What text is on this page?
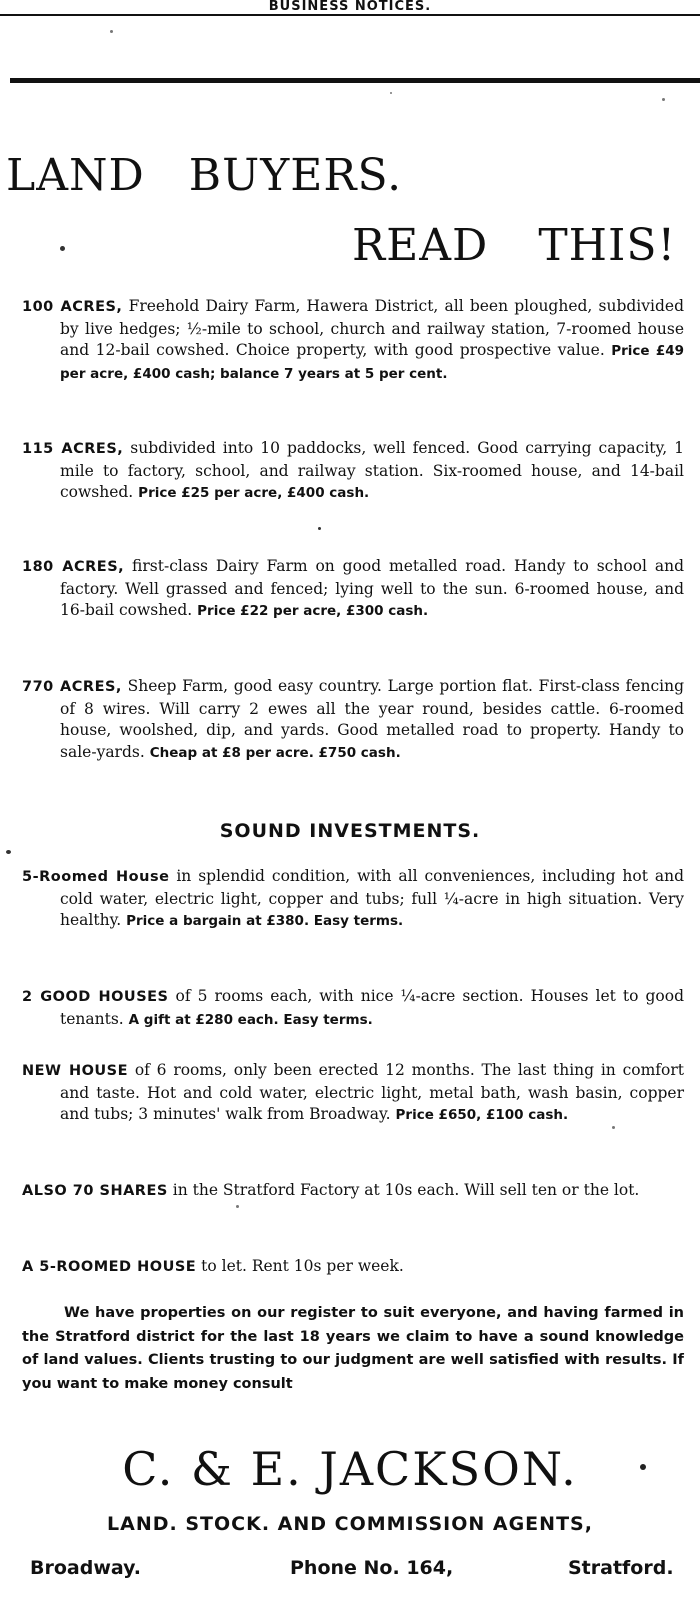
BUSINESS NOTICES.
LAND BUYERS.
READ THIS!
100 ACRES, Freehold Dairy Farm, Hawera District, all been ploughed, subdivided by live hedges; ½-mile to school, church and railway station, 7-roomed house and 12-bail cowshed. Choice property, with good prospective value. Price £49 per acre, £400 cash; balance 7 years at 5 per cent.
115 ACRES, subdivided into 10 paddocks, well fenced. Good carrying capacity, 1 mile to factory, school, and railway station. Six-roomed house, and 14-bail cowshed. Price £25 per acre, £400 cash.
180 ACRES, first-class Dairy Farm on good metalled road. Handy to school and factory. Well grassed and fenced; lying well to the sun. 6-roomed house, and 16-bail cowshed. Price £22 per acre, £300 cash.
770 ACRES, Sheep Farm, good easy country. Large portion flat. First-class fencing of 8 wires. Will carry 2 ewes all the year round, besides cattle. 6-roomed house, woolshed, dip, and yards. Good metalled road to property. Handy to sale-yards. Cheap at £8 per acre. £750 cash.
SOUND INVESTMENTS.
5-Roomed House in splendid condition, with all conveniences, including hot and cold water, electric light, copper and tubs; full ¼-acre in high situation. Very healthy. Price a bargain at £380. Easy terms.
2 GOOD HOUSES of 5 rooms each, with nice ¼-acre section. Houses let to good tenants. A gift at £280 each. Easy terms.
NEW HOUSE of 6 rooms, only been erected 12 months. The last thing in comfort and taste. Hot and cold water, electric light, metal bath, wash basin, copper and tubs; 3 minutes' walk from Broadway. Price £650, £100 cash.
ALSO 70 SHARES in the Stratford Factory at 10s each. Will sell ten or the lot.
A 5-ROOMED HOUSE to let. Rent 10s per week.
We have properties on our register to suit everyone, and having farmed in the Stratford district for the last 18 years we claim to have a sound knowledge of land values. Clients trusting to our judgment are well satisfied with results. If you want to make money consult
C. & E. JACKSON.
LAND. STOCK. AND COMMISSION AGENTS,
Broadway.	Phone No. 164,	Stratford.
